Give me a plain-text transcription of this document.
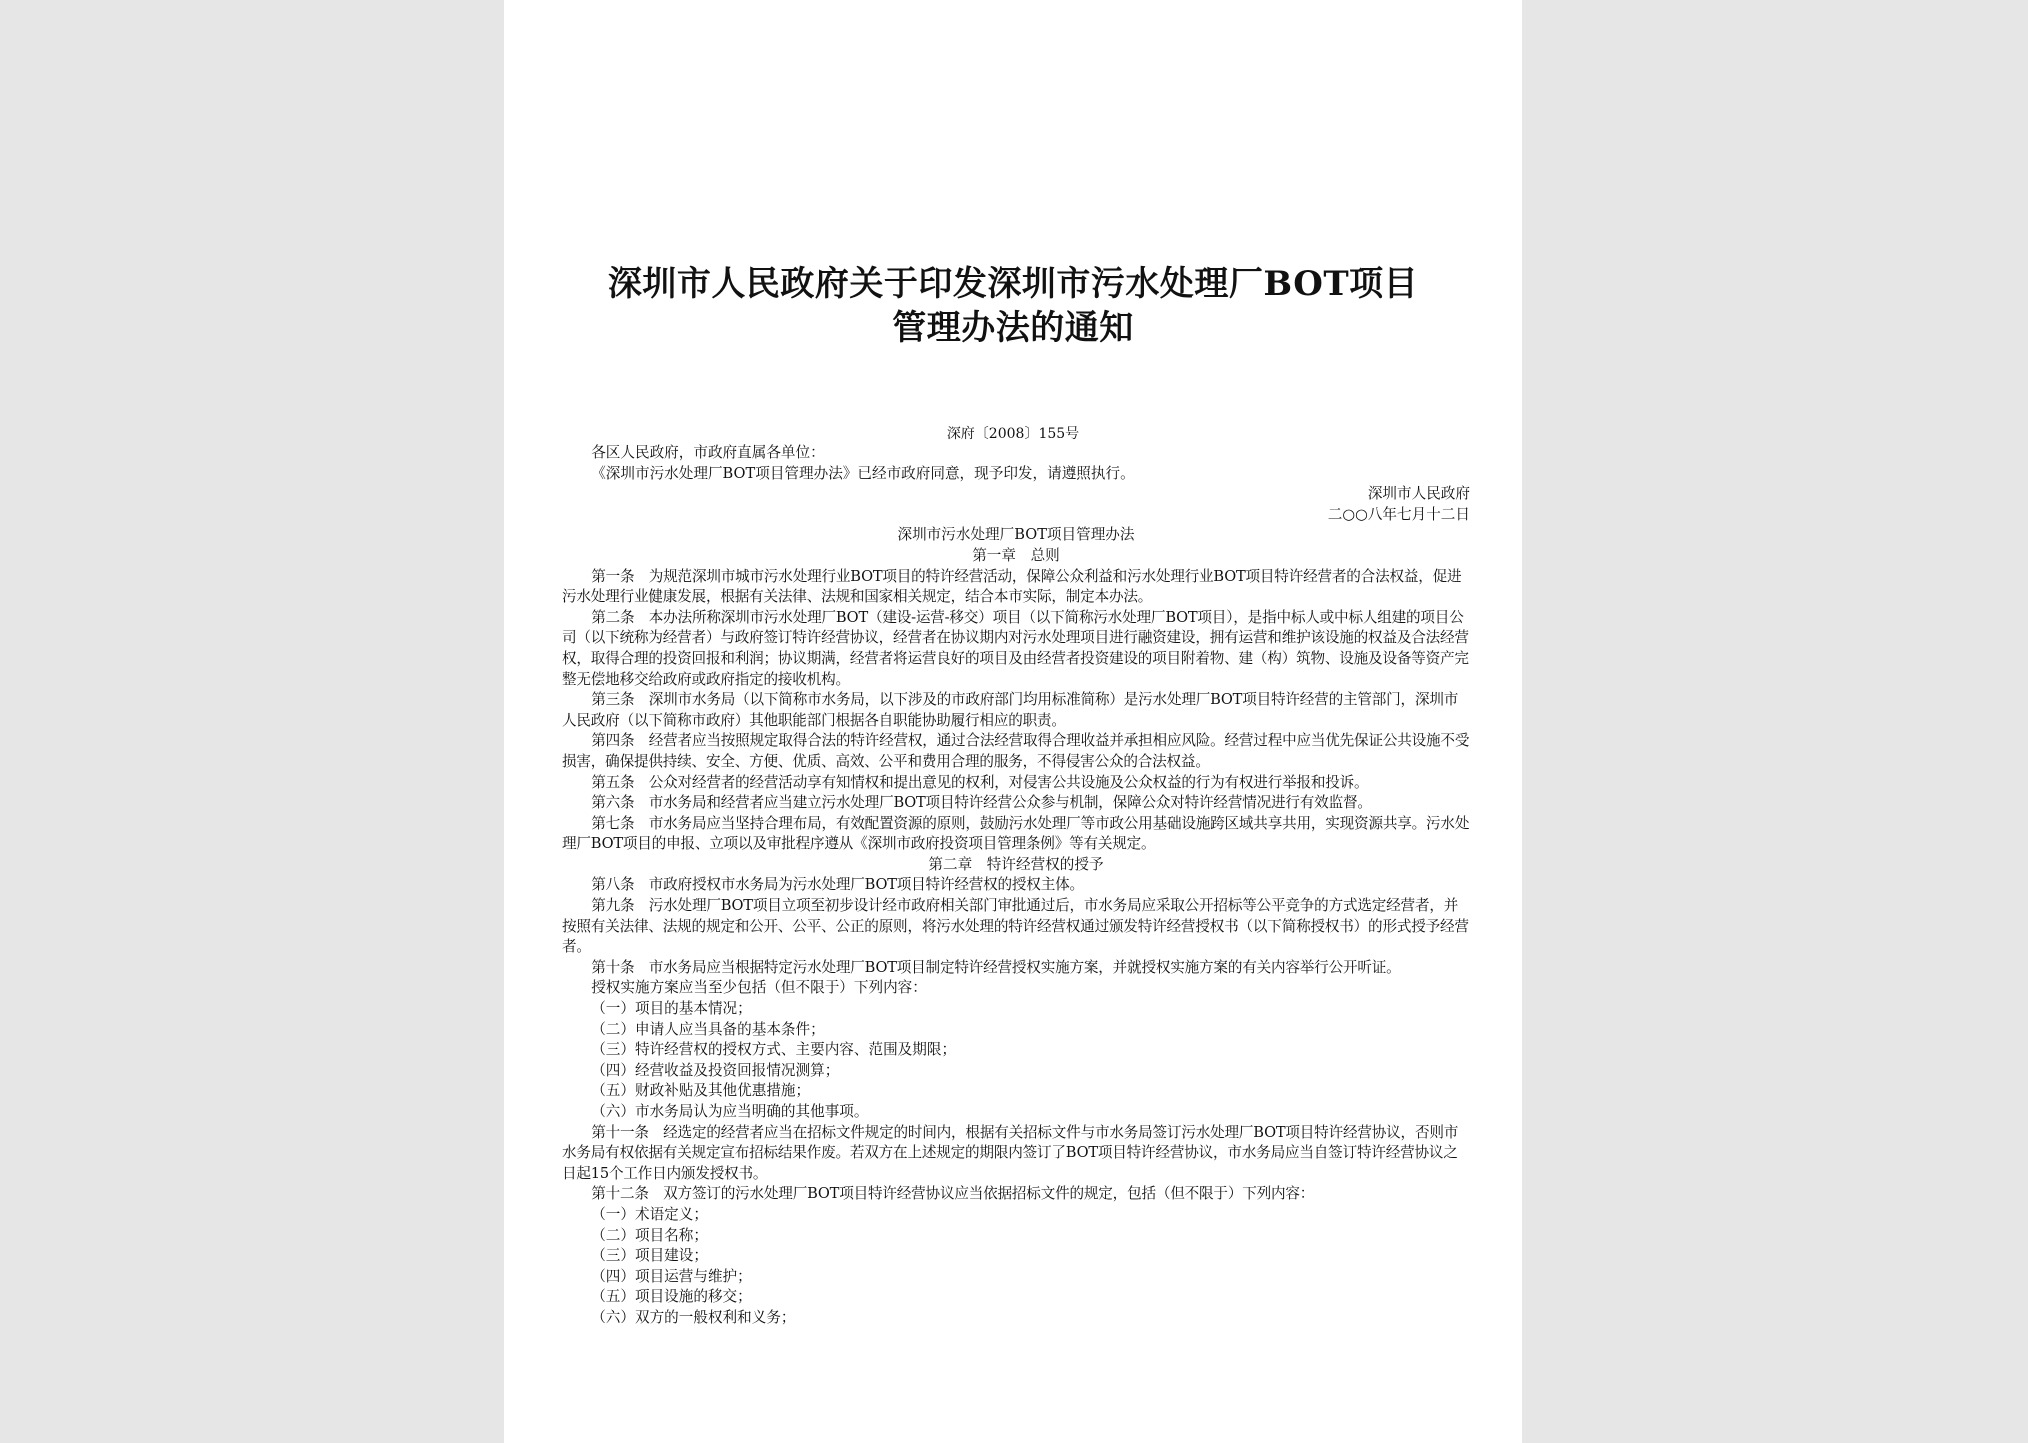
深圳市人民政府关于印发深圳市污水处理厂BOT项目
管理办法的通知
深府〔2008〕155号

各区人民政府，市政府直属各单位：

《深圳市污水处理厂BOT项目管理办法》已经市政府同意，现予印发，请遵照执行。

深圳市人民政府

二○○八年七月十二日

深圳市污水处理厂BOT项目管理办法

第一章　总则

第一条　为规范深圳市城市污水处理行业BOT项目的特许经营活动，保障公众利益和污水处理行业BOT项目特许经营者的合法权益，促进污水处理行业健康发展，根据有关法律、法规和国家相关规定，结合本市实际，制定本办法。

第二条　本办法所称深圳市污水处理厂BOT（建设-运营-移交）项目（以下简称污水处理厂BOT项目），是指中标人或中标人组建的项目公司（以下统称为经营者）与政府签订特许经营协议，经营者在协议期内对污水处理项目进行融资建设，拥有运营和维护该设施的权益及合法经营权，取得合理的投资回报和利润；协议期满，经营者将运营良好的项目及由经营者投资建设的项目附着物、建（构）筑物、设施及设备等资产完整无偿地移交给政府或政府指定的接收机构。

第三条　深圳市水务局（以下简称市水务局，以下涉及的市政府部门均用标准简称）是污水处理厂BOT项目特许经营的主管部门，深圳市人民政府（以下简称市政府）其他职能部门根据各自职能协助履行相应的职责。

第四条　经营者应当按照规定取得合法的特许经营权，通过合法经营取得合理收益并承担相应风险。经营过程中应当优先保证公共设施不受损害，确保提供持续、安全、方便、优质、高效、公平和费用合理的服务，不得侵害公众的合法权益。

第五条　公众对经营者的经营活动享有知情权和提出意见的权利，对侵害公共设施及公众权益的行为有权进行举报和投诉。

第六条　市水务局和经营者应当建立污水处理厂BOT项目特许经营公众参与机制，保障公众对特许经营情况进行有效监督。

第七条　市水务局应当坚持合理布局，有效配置资源的原则，鼓励污水处理厂等市政公用基础设施跨区域共享共用，实现资源共享。污水处理厂BOT项目的申报、立项以及审批程序遵从《深圳市政府投资项目管理条例》等有关规定。

第二章　特许经营权的授予

第八条　市政府授权市水务局为污水处理厂BOT项目特许经营权的授权主体。

第九条　污水处理厂BOT项目立项至初步设计经市政府相关部门审批通过后，市水务局应采取公开招标等公平竞争的方式选定经营者，并按照有关法律、法规的规定和公开、公平、公正的原则，将污水处理的特许经营权通过颁发特许经营授权书（以下简称授权书）的形式授予经营者。

第十条　市水务局应当根据特定污水处理厂BOT项目制定特许经营授权实施方案，并就授权实施方案的有关内容举行公开听证。

授权实施方案应当至少包括（但不限于）下列内容：

（一）项目的基本情况；

（二）申请人应当具备的基本条件；

（三）特许经营权的授权方式、主要内容、范围及期限；

（四）经营收益及投资回报情况测算；

（五）财政补贴及其他优惠措施；

（六）市水务局认为应当明确的其他事项。

第十一条　经选定的经营者应当在招标文件规定的时间内，根据有关招标文件与市水务局签订污水处理厂BOT项目特许经营协议，否则市水务局有权依据有关规定宣布招标结果作废。若双方在上述规定的期限内签订了BOT项目特许经营协议，市水务局应当自签订特许经营协议之日起15个工作日内颁发授权书。

第十二条　双方签订的污水处理厂BOT项目特许经营协议应当依据招标文件的规定，包括（但不限于）下列内容：

（一）术语定义；

（二）项目名称；

（三）项目建设；

（四）项目运营与维护；

（五）项目设施的移交；

（六）双方的一般权利和义务；
